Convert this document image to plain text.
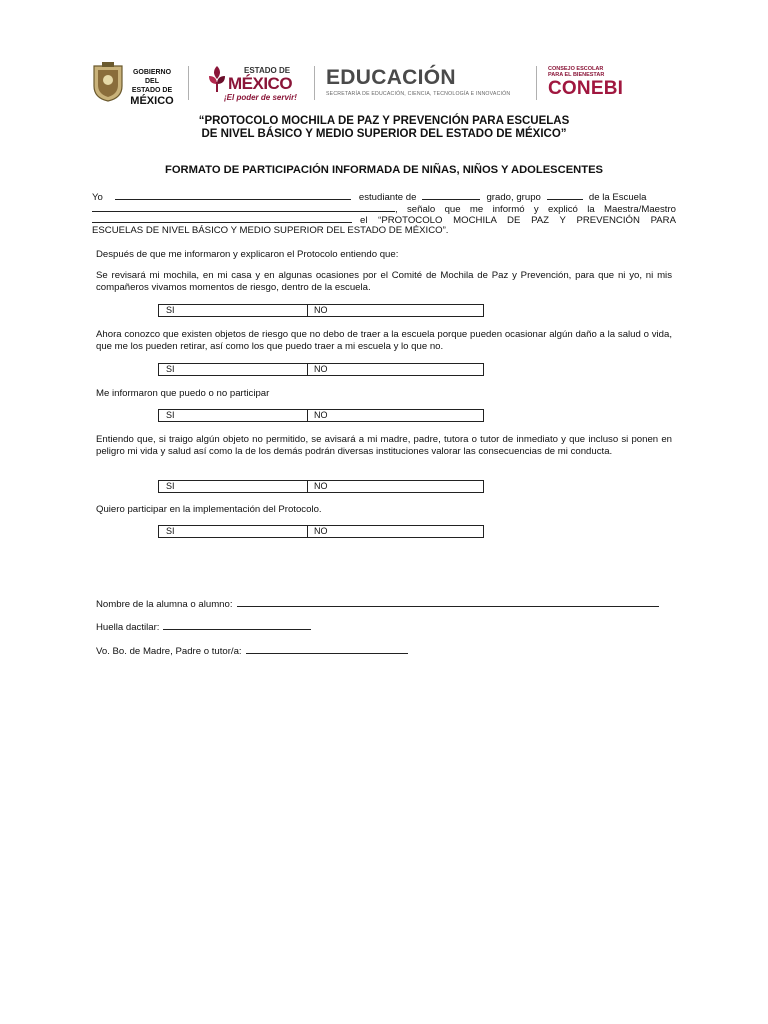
GOBIERNO DEL
ESTADO DE
MÉXICO
ESTADO DE
MÉXICO
¡El poder de servir!
EDUCACIÓN
SECRETARÍA DE EDUCACIÓN, CIENCIA, TECNOLOGÍA E INNOVACIÓN
CONSEJO ESCOLAR
PARA EL BIENESTAR
CONEBI
“PROTOCOLO MOCHILA DE PAZ Y PREVENCIÓN PARA ESCUELAS
DE NIVEL BÁSICO Y MEDIO SUPERIOR DEL ESTADO DE MÉXICO”
FORMATO DE PARTICIPACIÓN INFORMADA DE NIÑAS, NIÑOS Y ADOLESCENTES
Yo	estudiante de	grado, grupo	de la Escuela
, señalo que me informó y explicó la Maestra/Maestro
el “PROTOCOLO MOCHILA DE PAZ Y PREVENCIÓN PARA
ESCUELAS DE NIVEL BÁSICO Y MEDIO SUPERIOR DEL ESTADO DE MÉXICO”.
Después de que me informaron y explicaron el Protocolo entiendo que:
Se revisará mi mochila, en mi casa y en algunas ocasiones por el Comité de Mochila de Paz y Prevención, para que ni yo, ni mis compañeros vivamos momentos de riesgo, dentro de la escuela.
SI	NO
Ahora conozco que existen objetos de riesgo que no debo de traer a la escuela porque pueden ocasionar algún daño a la salud o vida, que me los pueden retirar, así como los que puedo traer a mi escuela y lo que no.
SI	NO
Me informaron que puedo o no participar
SI	NO
Entiendo que, si traigo algún objeto no permitido, se avisará a mi madre, padre, tutora o tutor de inmediato y que incluso si ponen en peligro mi vida y salud así como la de los demás podrán diversas instituciones valorar las consecuencias de mi conducta.
SI	NO
Quiero participar en la implementación del Protocolo.
SI	NO
Nombre de la alumna o alumno:
Huella dactilar:
Vo. Bo. de Madre, Padre o tutor/a:
